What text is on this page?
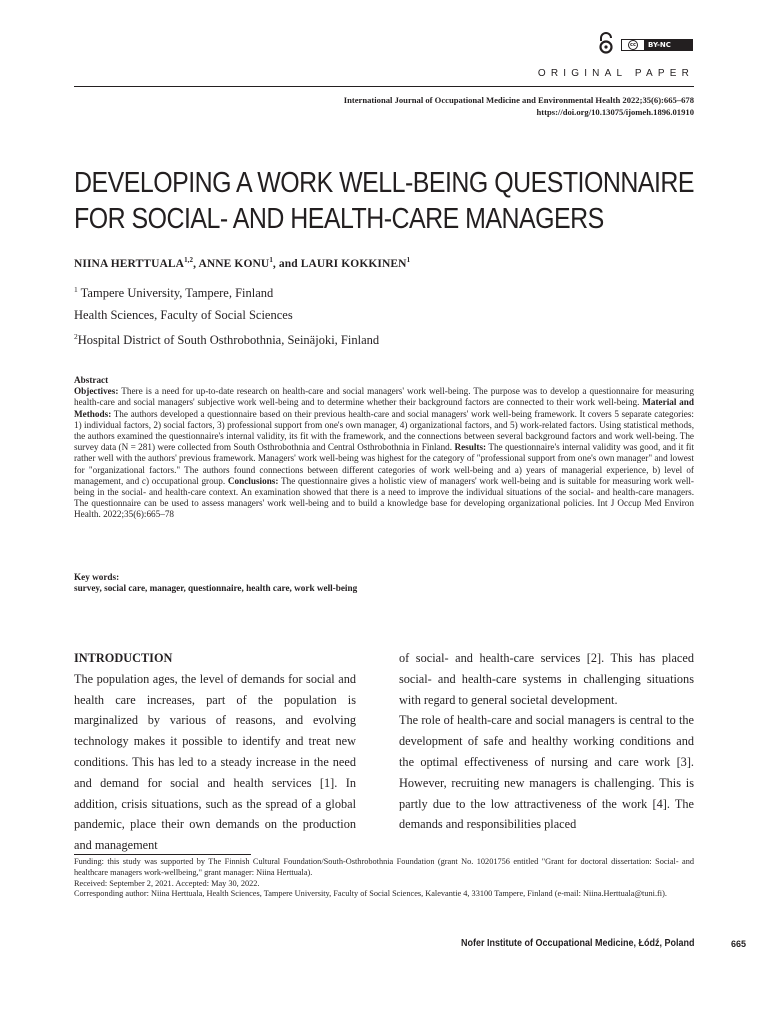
cc	BY-NC
ORIGINAL PAPER
International Journal of Occupational Medicine and Environmental Health 2022;35(6):665–678
https://doi.org/10.13075/ijomeh.1896.01910
DEVELOPING A WORK WELL-BEING QUESTIONNAIRE
FOR SOCIAL- AND HEALTH-CARE MANAGERS
NIINA HERTTUALA$^{1,2}$, ANNE KONU$^1$, and LAURI KOKKINEN$^1$
$^1$ Tampere University, Tampere, Finland
Health Sciences, Faculty of Social Sciences
$^2$Hospital District of South Osthrobothnia, Seinäjoki, Finland
Abstract
Objectives: There is a need for up-to-date research on health-care and social managers' work well-being. The purpose was to develop a questionnaire for measuring health-care and social managers' subjective work well-being and to determine whether their background factors are connected to their work well-being. Material and Methods: The authors developed a questionnaire based on their previous health-care and social managers' work well-being framework. It covers 5 separate categories: 1) individual factors, 2) social factors, 3) professional support from one's own manager, 4) organizational factors, and 5) work-related factors. Using statistical methods, the authors examined the questionnaire's internal validity, its fit with the framework, and the connections between several background factors and work well-being. The survey data (N = 281) were collected from South Osthrobothnia and Central Osthrobothnia in Finland. Results: The questionnaire's internal validity was good, and it fit rather well with the authors' previous framework. Managers' work well-being was highest for the category of "professional support from one's own manager" and lowest for "organizational factors." The authors found connections between different categories of work well-being and a) years of managerial experience, b) level of management, and c) occupational group. Conclusions: The questionnaire gives a holistic view of managers' work well-being and is suitable for measuring work well-being in the social- and health-care context. An examination showed that there is a need to improve the individual situations of the social- and health-care managers. The questionnaire can be used to assess managers' work well-being and to build a knowledge base for developing organizational policies. Int J Occup Med Environ Health. 2022;35(6):665–78
Key words:
survey, social care, manager, questionnaire, health care, work well-being

INTRODUCTION

The population ages, the level of demands for social and health care increases, part of the population is marginalized by various of reasons, and evolving technology makes it possible to identify and treat new conditions. This has led to a steady increase in the need and demand for social and health services [1]. In addition, crisis situations, such as the spread of a global pandemic, place their own demands on the production and management

of social- and health-care services [2]. This has placed social- and health-care systems in challenging situations with regard to general societal development.

The role of health-care and social managers is central to the development of safe and healthy working conditions and the optimal effectiveness of nursing and care work [3]. However, recruiting new managers is challenging. This is partly due to the low attractiveness of the work [4]. The demands and responsibilities placed

Funding: this study was supported by The Finnish Cultural Foundation/South-Osthrobothnia Foundation (grant No. 10201756 entitled "Grant for doctoral dissertation: Social- and healthcare managers work-wellbeing," grant manager: Niina Herttuala).

Received: September 2, 2021. Accepted: May 30, 2022.

Corresponding author: Niina Herttuala, Health Sciences, Tampere University, Faculty of Social Sciences, Kalevantie 4, 33100 Tampere, Finland (e-mail: Niina.Herttuala@tuni.fi).

Nofer Institute of Occupational Medicine, Łódź, Poland	665
